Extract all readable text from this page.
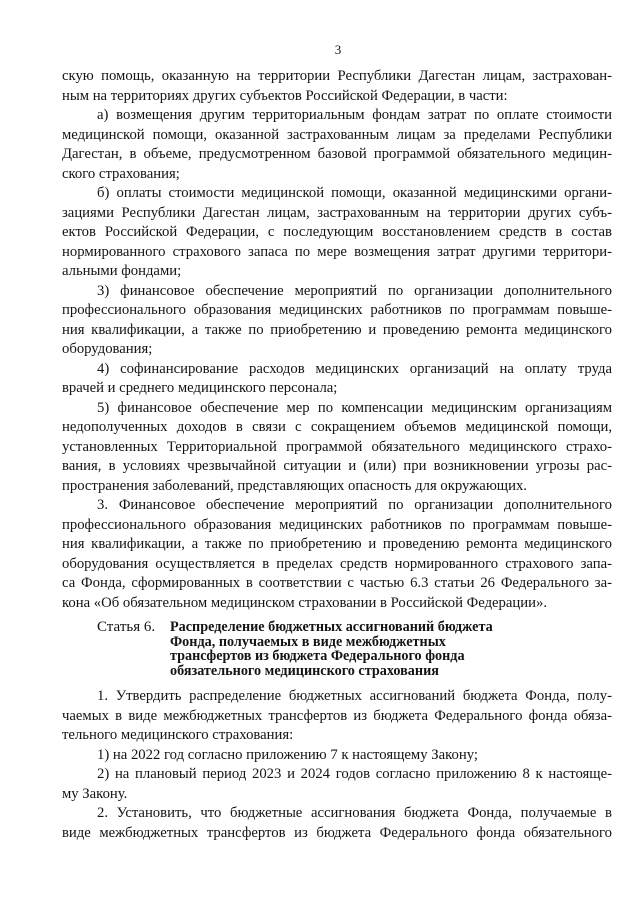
3
скую помощь, оказанную на территории Республики Дагестан лицам, застрахован-
ным на территориях других субъектов Российской Федерации, в части:
а) возмещения другим территориальным фондам затрат по оплате стоимости
медицинской помощи, оказанной застрахованным лицам за пределами Республики
Дагестан, в объеме, предусмотренном базовой программой обязательного медицин-
ского страхования;
б) оплаты стоимости медицинской помощи, оказанной медицинскими органи-
зациями Республики Дагестан лицам, застрахованным на территории других субъ-
ектов Российской Федерации, с последующим восстановлением средств в состав
нормированного страхового запаса по мере возмещения затрат другими территори-
альными фондами;
3) финансовое обеспечение мероприятий по организации дополнительного
профессионального образования медицинских работников по программам повыше-
ния квалификации, а также по приобретению и проведению ремонта медицинского
оборудования;
4) софинансирование расходов медицинских организаций на оплату труда
врачей и среднего медицинского персонала;
5) финансовое обеспечение мер по компенсации медицинским организациям
недополученных доходов в связи с сокращением объемов медицинской помощи,
установленных Территориальной программой обязательного медицинского страхо-
вания, в условиях чрезвычайной ситуации и (или) при возникновении угрозы рас-
пространения заболеваний, представляющих опасность для окружающих.
3. Финансовое обеспечение мероприятий по организации дополнительного
профессионального образования медицинских работников по программам повыше-
ния квалификации, а также по приобретению и проведению ремонта медицинского
оборудования осуществляется в пределах средств нормированного страхового запа-
са Фонда, сформированных в соответствии с частью 6.3 статьи 26 Федерального за-
кона «Об обязательном медицинском страховании в Российской Федерации».
Статья 6.	Распределение бюджетных ассигнований бюджета
Фонда, получаемых в виде межбюджетных
трансфертов из бюджета Федерального фонда
обязательного медицинского страхования
1. Утвердить распределение бюджетных ассигнований бюджета Фонда, полу-
чаемых в виде межбюджетных трансфертов из бюджета Федерального фонда обяза-
тельного медицинского страхования:
1) на 2022 год согласно приложению 7 к настоящему Закону;
2) на плановый период 2023 и 2024 годов согласно приложению 8 к настояще-
му Закону.
2. Установить, что бюджетные ассигнования бюджета Фонда, получаемые в
виде межбюджетных трансфертов из бюджета Федерального фонда обязательного
